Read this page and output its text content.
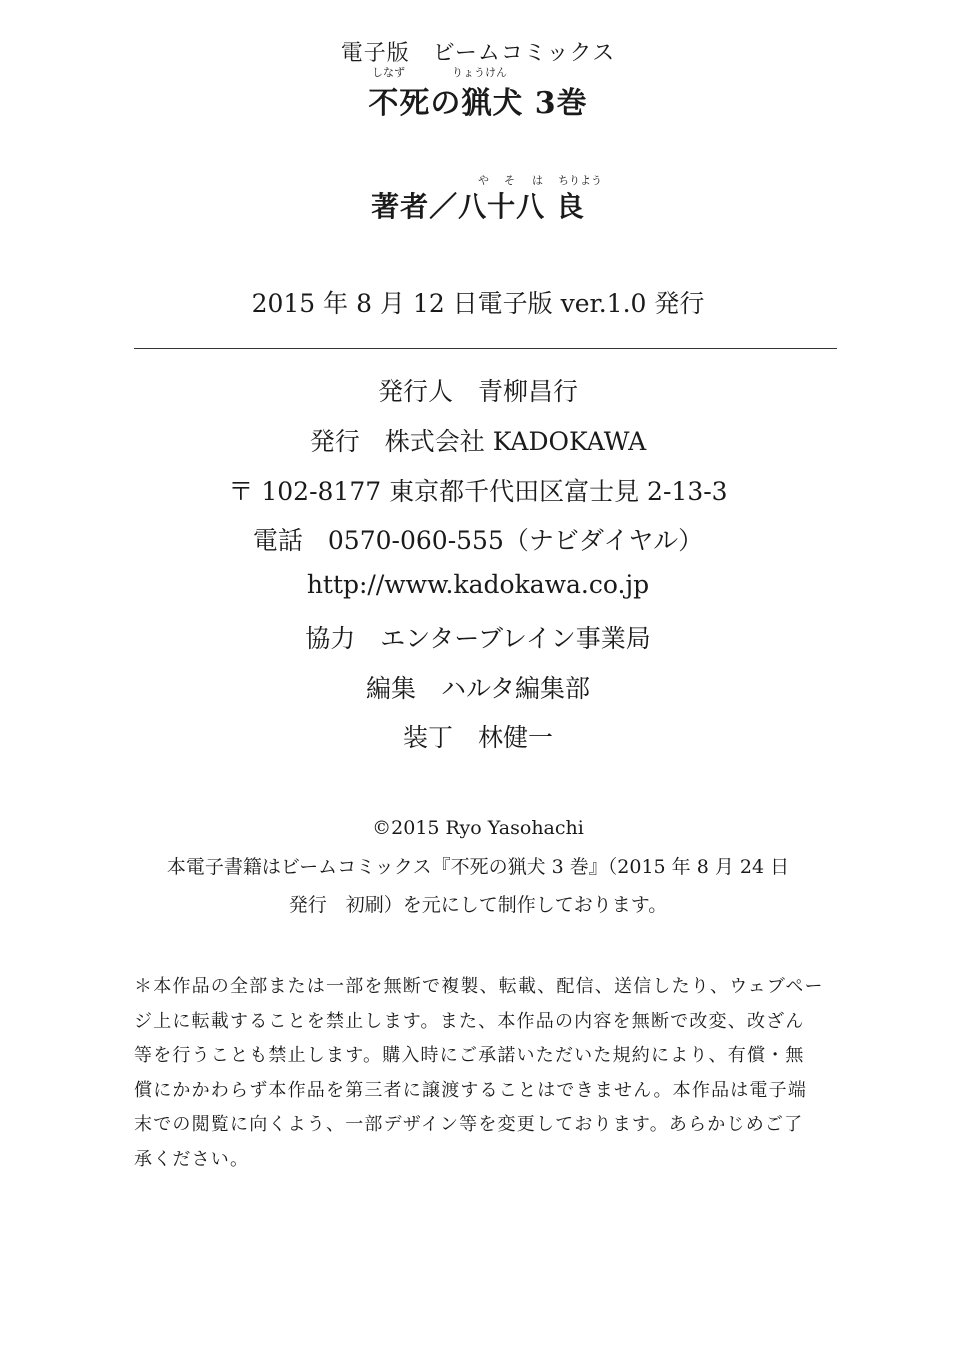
電子版　ビームコミックス
しなず	りょうけん
不死の猟犬 3巻
や そ は ちりよう
著者／八十八 良
2015 年 8 月 12 日電子版 ver.1.0 発行
発行人 青柳昌行
発行 株式会社 KADOKAWA
〒 102-8177 東京都千代田区富士見 2-13-3
電話 0570-060-555（ナビダイヤル）
http://www.kadokawa.co.jp
協力 エンターブレイン事業局
編集 ハルタ編集部
装丁 林健一
©2015 Ryo Yasohachi
本電子書籍はビームコミックス『不死の猟犬 3 巻』（2015 年 8 月 24 日
発行　初刷）を元にして制作しております。
＊本作品の全部または一部を無断で複製、転載、配信、送信したり、ウェブペー
ジ上に転載することを禁止します。また、本作品の内容を無断で改変、改ざん
等を行うことも禁止します。購入時にご承諾いただいた規約により、有償・無
償にかかわらず本作品を第三者に譲渡することはできません。本作品は電子端
末での閲覧に向くよう、一部デザイン等を変更しております。あらかじめご了
承ください。
